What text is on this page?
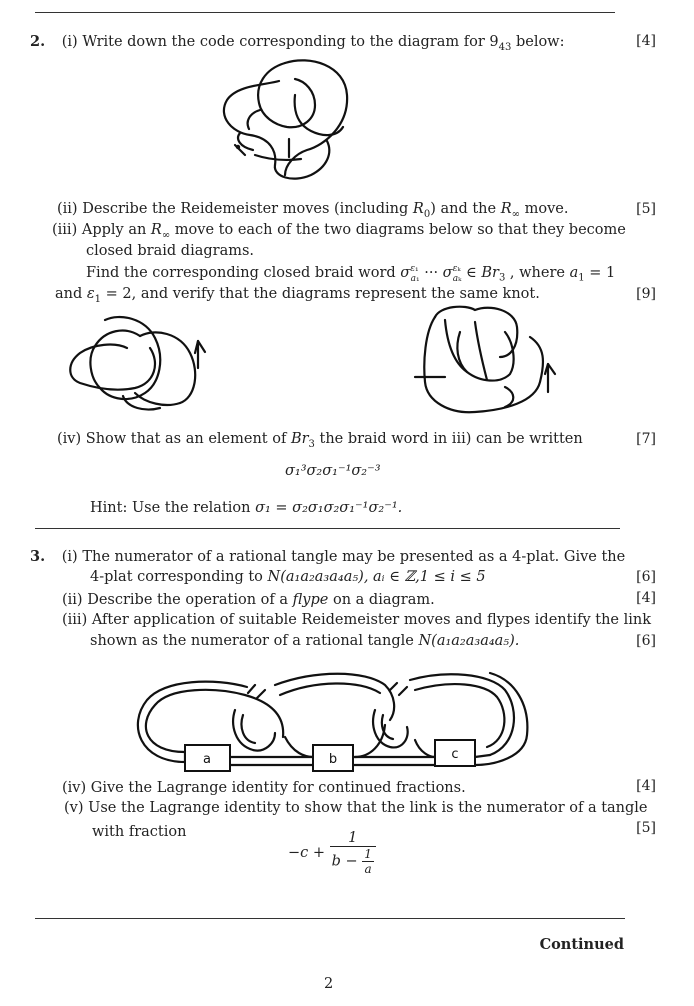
2. (i) Write down the code corresponding to the diagram for $9_{43}$ below:	[4]
(ii) Describe the Reidemeister moves (including $R_0$) and the $R_\infty$ move.	[5]
(iii) Apply an $R_\infty$ move to each of the two diagrams below so that they become
closed braid diagrams.
Find the corresponding closed braid word $\sigma^{\varepsilon_1}_{a_1}$ ··· $\sigma^{\varepsilon_k}_{a_k}$ ∈ $Br_3$ , where $a_1 = 1$
and $\varepsilon_1 = 2$, and verify that the diagrams represent the same knot.	[9]
(iv) Show that as an element of $Br_3$ the braid word in iii) can be written	[7]
σ₁³σ₂σ₁⁻¹σ₂⁻³
Hint: Use the relation σ₁ = σ₂σ₁σ₂σ₁⁻¹σ₂⁻¹.
3. (i) The numerator of a rational tangle may be presented as a 4-plat. Give the
4-plat corresponding to N(a₁a₂a₃a₄a₅), aᵢ ∈ ℤ,1 ≤ i ≤ 5	[6]
(ii) Describe the operation of a flype on a diagram.	[4]
(iii) After application of suitable Reidemeister moves and flypes identify the link
shown as the numerator of a rational tangle N(a₁a₂a₃a₄a₅).	[6]
a	b	c
(iv) Give the Lagrange identity for continued fractions.	[4]
(v) Use the Lagrange identity to show that the link is the numerator of a tangle
with fraction	[5]
$-c + \frac{1}{b - \frac{1}{a}}$
Continued
2
